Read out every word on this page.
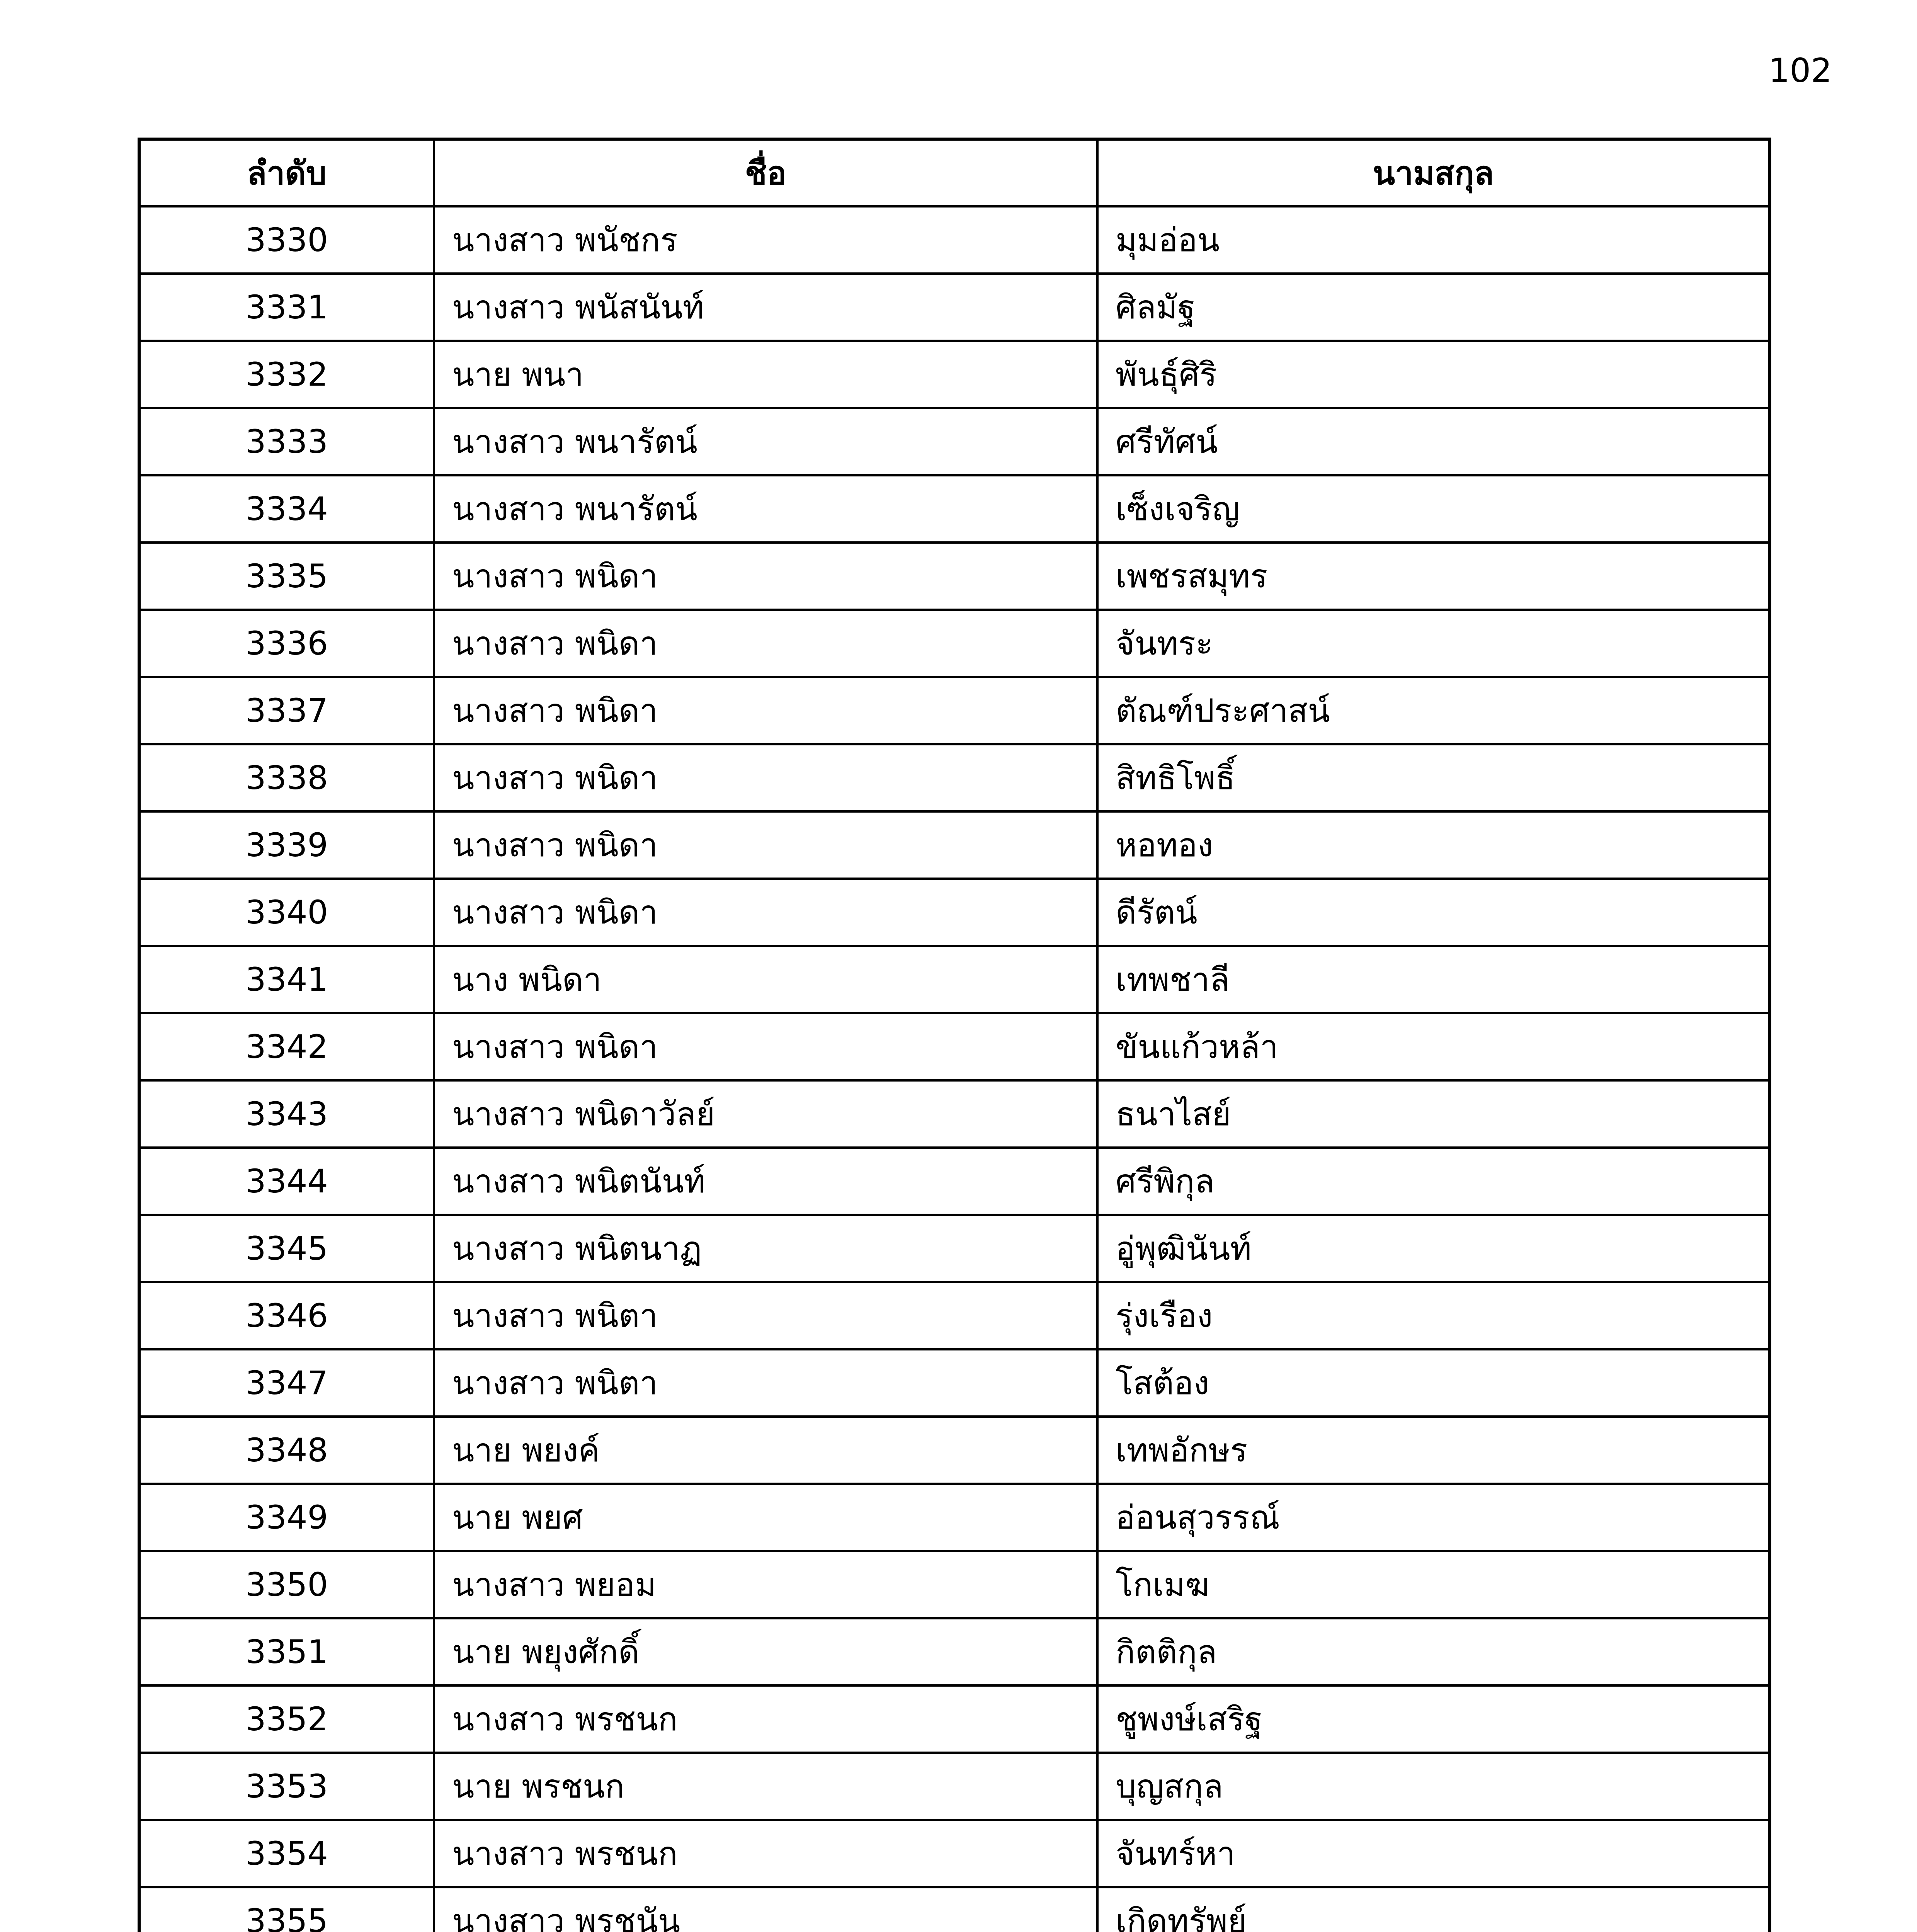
102
ลำดับ	ชื่อ	นามสกุล
3330	นางสาว พนัชกร	มุมอ่อน
3331	นางสาว พนัสนันท์	ศิลมัฐ
3332	นาย พนา	พันธุ์ศิริ
3333	นางสาว พนารัตน์	ศรีทัศน์
3334	นางสาว พนารัตน์	เซ็งเจริญ
3335	นางสาว พนิดา	เพชรสมุทร
3336	นางสาว พนิดา	จันทระ
3337	นางสาว พนิดา	ตัณฑ์ประศาสน์
3338	นางสาว พนิดา	สิทธิโพธิ์
3339	นางสาว พนิดา	หอทอง
3340	นางสาว พนิดา	ดีรัตน์
3341	นาง พนิดา	เทพชาลี
3342	นางสาว พนิดา	ขันแก้วหล้า
3343	นางสาว พนิดาวัลย์	ธนาไสย์
3344	นางสาว พนิตนันท์	ศรีพิกุล
3345	นางสาว พนิตนาฏ	อู่พุฒินันท์
3346	นางสาว พนิตา	รุ่งเรือง
3347	นางสาว พนิตา	โสต้อง
3348	นาย พยงค์	เทพอักษร
3349	นาย พยศ	อ่อนสุวรรณ์
3350	นางสาว พยอม	โกเมฆ
3351	นาย พยุงศักดิ์	กิตติกุล
3352	นางสาว พรชนก	ชูพงษ์เสริฐ
3353	นาย พรชนก	บุญสกุล
3354	นางสาว พรชนก	จันทร์หา
3355	นางสาว พรชนัน	เกิดทรัพย์
